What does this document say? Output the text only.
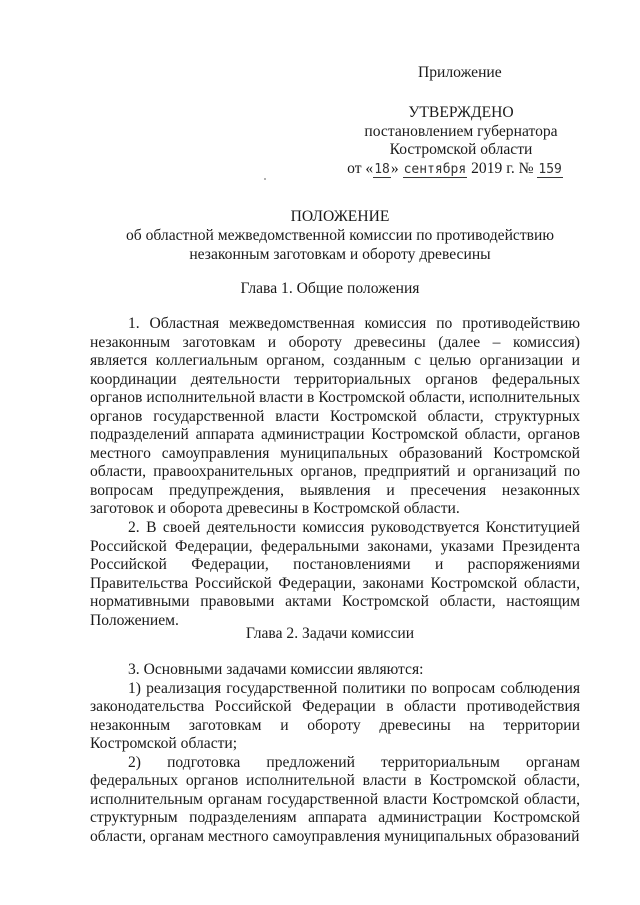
Приложение
УТВЕРЖДЕНО
постановлением губернатора
Костромской области
от «18» сентября 2019 г. № 159
ПОЛОЖЕНИЕ
об областной межведомственной комиссии по противодействию
незаконным заготовкам и обороту древесины
Глава 1. Общие положения

1. Областная межведомственная комиссия по противодействию незаконным заготовкам и обороту древесины (далее – комиссия) является коллегиальным органом, созданным с целью организации и координации деятельности территориальных органов федеральных органов исполнительной власти в Костромской области, исполнительных органов государственной власти Костромской области, структурных подразделений аппарата администрации Костромской области, органов местного самоуправления муниципальных образований Костромской области, правоохранительных органов, предприятий и организаций по вопросам предупреждения, выявления и пресечения незаконных заготовок и оборота древесины в Костромской области.

2. В своей деятельности комиссия руководствуется Конституцией Российской Федерации, федеральными законами, указами Президента Российской Федерации, постановлениями и распоряжениями Правительства Российской Федерации, законами Костромской области, нормативными правовыми актами Костромской области, настоящим Положением.

Глава 2. Задачи комиссии

3. Основными задачами комиссии являются:

1) реализация государственной политики по вопросам соблюдения законодательства Российской Федерации в области противодействия незаконным заготовкам и обороту древесины на территории Костромской области;

2) подготовка предложений территориальным органам федеральных органов исполнительной власти в Костромской области, исполнительным органам государственной власти Костромской области, структурным подразделениям аппарата администрации Костромской области, органам местного самоуправления муниципальных образований
